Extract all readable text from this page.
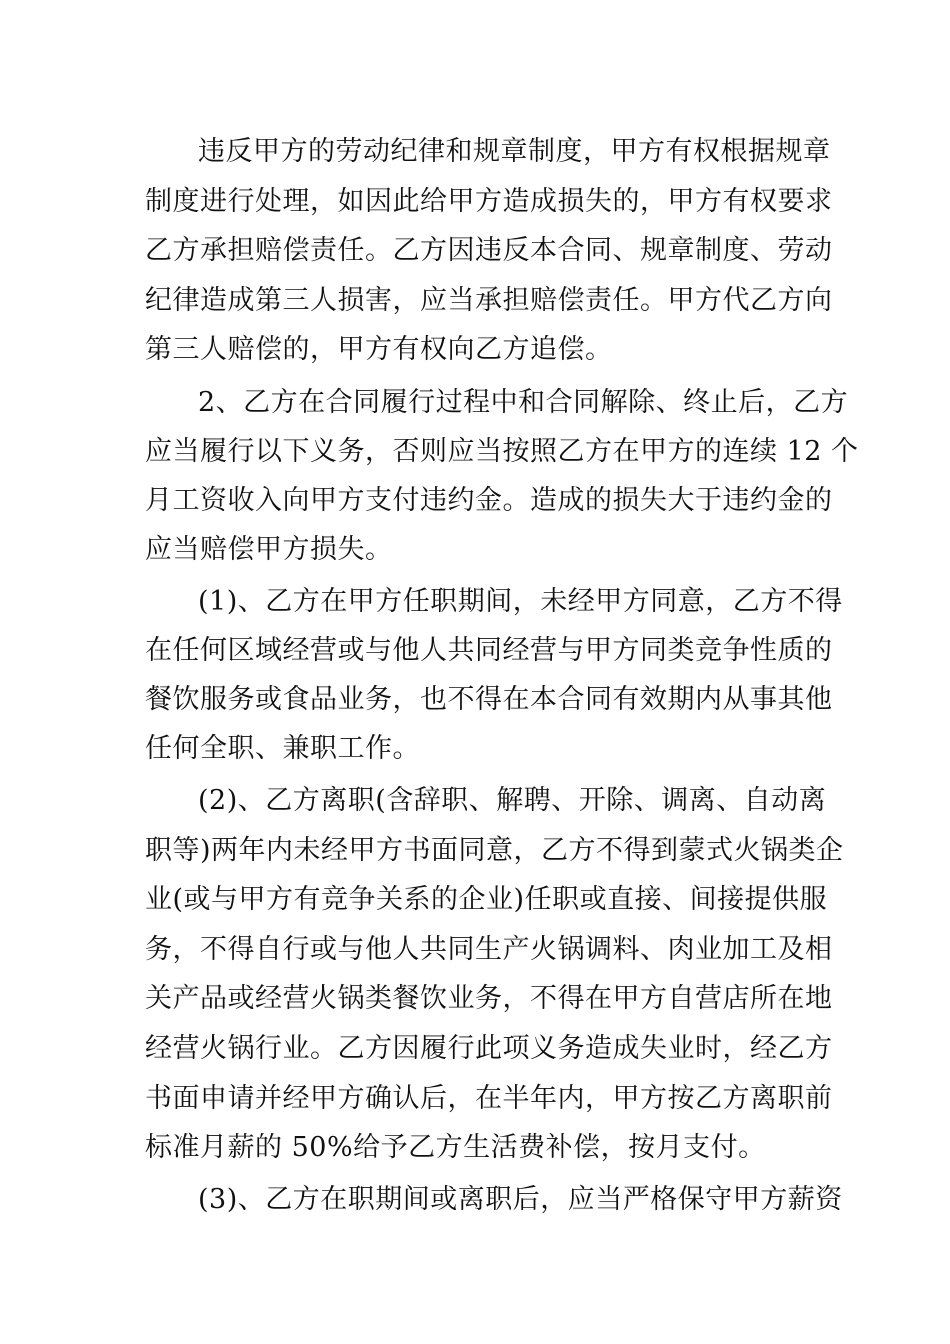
违反甲方的劳动纪律和规章制度，甲方有权根据规章
制度进行处理，如因此给甲方造成损失的，甲方有权要求
乙方承担赔偿责任。乙方因违反本合同、规章制度、劳动
纪律造成第三人损害，应当承担赔偿责任。甲方代乙方向
第三人赔偿的，甲方有权向乙方追偿。
2、乙方在合同履行过程中和合同解除、终止后，乙方
应当履行以下义务，否则应当按照乙方在甲方的连续 12 个
月工资收入向甲方支付违约金。造成的损失大于违约金的
应当赔偿甲方损失。
(1)、乙方在甲方任职期间，未经甲方同意，乙方不得
在任何区域经营或与他人共同经营与甲方同类竞争性质的
餐饮服务或食品业务，也不得在本合同有效期内从事其他
任何全职、兼职工作。
(2)、乙方离职(含辞职、解聘、开除、调离、自动离
职等)两年内未经甲方书面同意，乙方不得到蒙式火锅类企
业(或与甲方有竞争关系的企业)任职或直接、间接提供服
务，不得自行或与他人共同生产火锅调料、肉业加工及相
关产品或经营火锅类餐饮业务，不得在甲方自营店所在地
经营火锅行业。乙方因履行此项义务造成失业时，经乙方
书面申请并经甲方确认后，在半年内，甲方按乙方离职前
标准月薪的 50%给予乙方生活费补偿，按月支付。
(3)、乙方在职期间或离职后，应当严格保守甲方薪资
